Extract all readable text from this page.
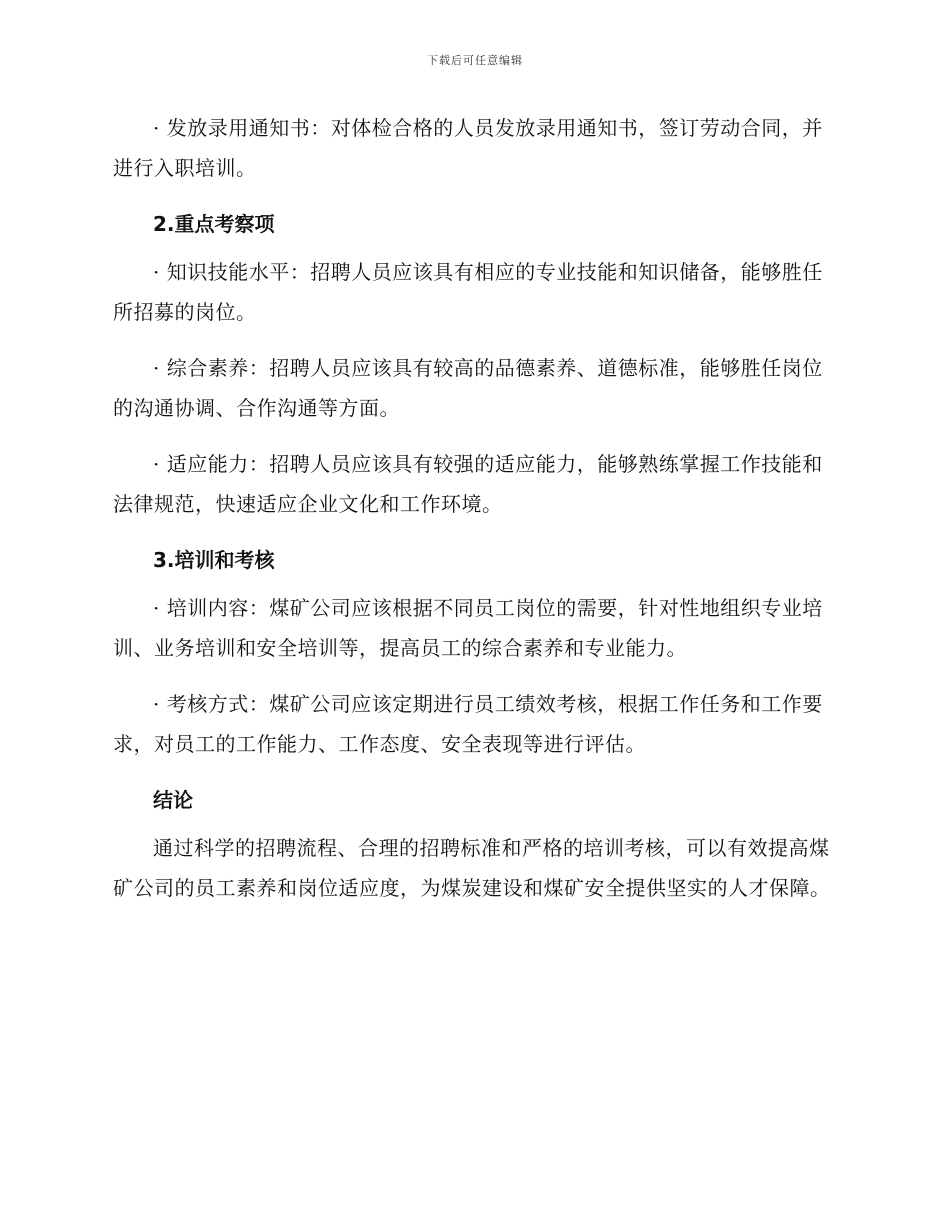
下载后可任意编辑

· 发放录用通知书：对体检合格的人员发放录用通知书，签订劳动合同，并进行入职培训。

2.重点考察项

· 知识技能水平：招聘人员应该具有相应的专业技能和知识储备，能够胜任所招募的岗位。

· 综合素养：招聘人员应该具有较高的品德素养、道德标准，能够胜任岗位的沟通协调、合作沟通等方面。

· 适应能力：招聘人员应该具有较强的适应能力，能够熟练掌握工作技能和法律规范，快速适应企业文化和工作环境。

3.培训和考核

· 培训内容：煤矿公司应该根据不同员工岗位的需要，针对性地组织专业培训、业务培训和安全培训等，提高员工的综合素养和专业能力。

· 考核方式：煤矿公司应该定期进行员工绩效考核，根据工作任务和工作要求，对员工的工作能力、工作态度、安全表现等进行评估。

结论

通过科学的招聘流程、合理的招聘标准和严格的培训考核，可以有效提高煤矿公司的员工素养和岗位适应度，为煤炭建设和煤矿安全提供坚实的人才保障。
